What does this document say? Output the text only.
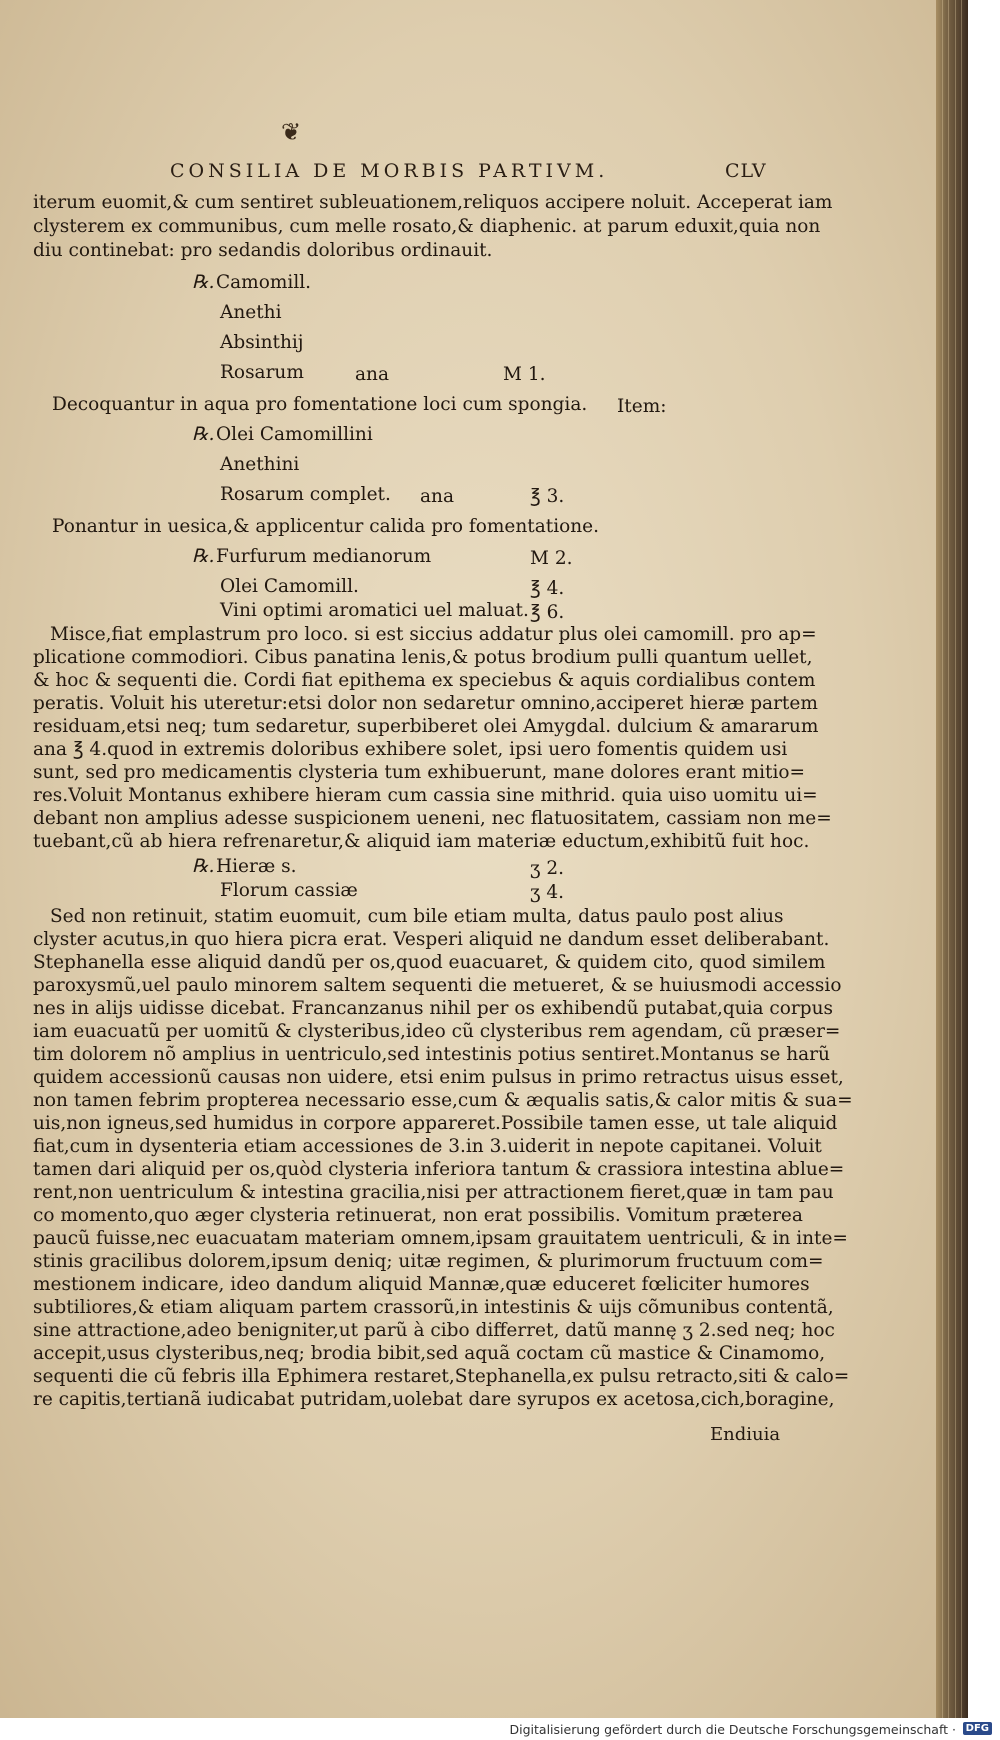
❦
CONSILIA DE MORBIS PARTIVM.	CLV
iterum euomit,& cum sentiret subleuationem,reliquos accipere noluit. Acceperat iam
clysterem ex communibus, cum melle rosato,& diaphenic. at parum eduxit,quia non
diu continebat: pro sedandis doloribus ordinauit.
℞.Camomill.
Anethi
Absinthij
Rosarum	ana	M 1.
Decoquantur in aqua pro fomentatione loci cum spongia. Item:
℞.Olei Camomillini
Anethini
Rosarum complet. ana	℥ 3.
Ponantur in uesica,& applicentur calida pro fomentatione.
℞.Furfurum medianorum	M 2.
Olei Camomill.	℥ 4.
Vini optimi aromatici uel maluat. ℥ 6.
Misce,fiat emplastrum pro loco. si est siccius addatur plus olei camomill. pro ap=
plicatione commodiori. Cibus panatina lenis,& potus brodium pulli quantum uellet,
& hoc & sequenti die. Cordi fiat epithema ex speciebus & aquis cordialibus contem
peratis. Voluit his uteretur:etsi dolor non sedaretur omnino,acciperet hieræ partem
residuam,etsi neq; tum sedaretur, superbiberet olei Amygdal. dulcium & amararum
ana ℥ 4.quod in extremis doloribus exhibere solet, ipsi uero fomentis quidem usi
sunt, sed pro medicamentis clysteria tum exhibuerunt, mane dolores erant mitio=
res.Voluit Montanus exhibere hieram cum cassia sine mithrid. quia uiso uomitu ui=
debant non amplius adesse suspicionem ueneni, nec flatuositatem, cassiam non me=
tuebant,cũ ab hiera refrenaretur,& aliquid iam materiæ eductum,exhibitũ fuit hoc.
℞.Hieræ s.	ʒ 2.
Florum cassiæ	ʒ 4.
Sed non retinuit, statim euomuit, cum bile etiam multa, datus paulo post alius
clyster acutus,in quo hiera picra erat. Vesperi aliquid ne dandum esset deliberabant.
Stephanella esse aliquid dandũ per os,quod euacuaret, & quidem cito, quod similem
paroxysmũ,uel paulo minorem saltem sequenti die metueret, & se huiusmodi accessio
nes in alijs uidisse dicebat. Francanzanus nihil per os exhibendũ putabat,quia corpus
iam euacuatũ per uomitũ & clysteribus,ideo cũ clysteribus rem agendam, cũ præser=
tim dolorem nõ amplius in uentriculo,sed intestinis potius sentiret.Montanus se harũ
quidem accessionũ causas non uidere, etsi enim pulsus in primo retractus uisus esset,
non tamen febrim propterea necessario esse,cum & æqualis satis,& calor mitis & sua=
uis,non igneus,sed humidus in corpore appareret.Possibile tamen esse, ut tale aliquid
fiat,cum in dysenteria etiam accessiones de 3.in 3.uiderit in nepote capitanei. Voluit
tamen dari aliquid per os,quòd clysteria inferiora tantum & crassiora intestina ablue=
rent,non uentriculum & intestina gracilia,nisi per attractionem fieret,quæ in tam pau
co momento,quo æger clysteria retinuerat, non erat possibilis. Vomitum præterea
paucũ fuisse,nec euacuatam materiam omnem,ipsam grauitatem uentriculi, & in inte=
stinis gracilibus dolorem,ipsum deniq; uitæ regimen, & plurimorum fructuum com=
mestionem indicare, ideo dandum aliquid Mannæ,quæ educeret fœliciter humores
subtiliores,& etiam aliquam partem crassorũ,in intestinis & uijs cõmunibus contentã,
sine attractione,adeo benigniter,ut parũ à cibo differret, datũ mannę ʒ 2.sed neq; hoc
accepit,usus clysteribus,neq; brodia bibit,sed aquã coctam cũ mastice & Cinamomo,
sequenti die cũ febris illa Ephimera restaret,Stephanella,ex pulsu retracto,siti & calo=
re capitis,tertianã iudicabat putridam,uolebat dare syrupos ex acetosa,cich,boragine,
Endiuia
Digitalisierung gefördert durch die Deutsche Forschungsgemeinschaft · DFG
